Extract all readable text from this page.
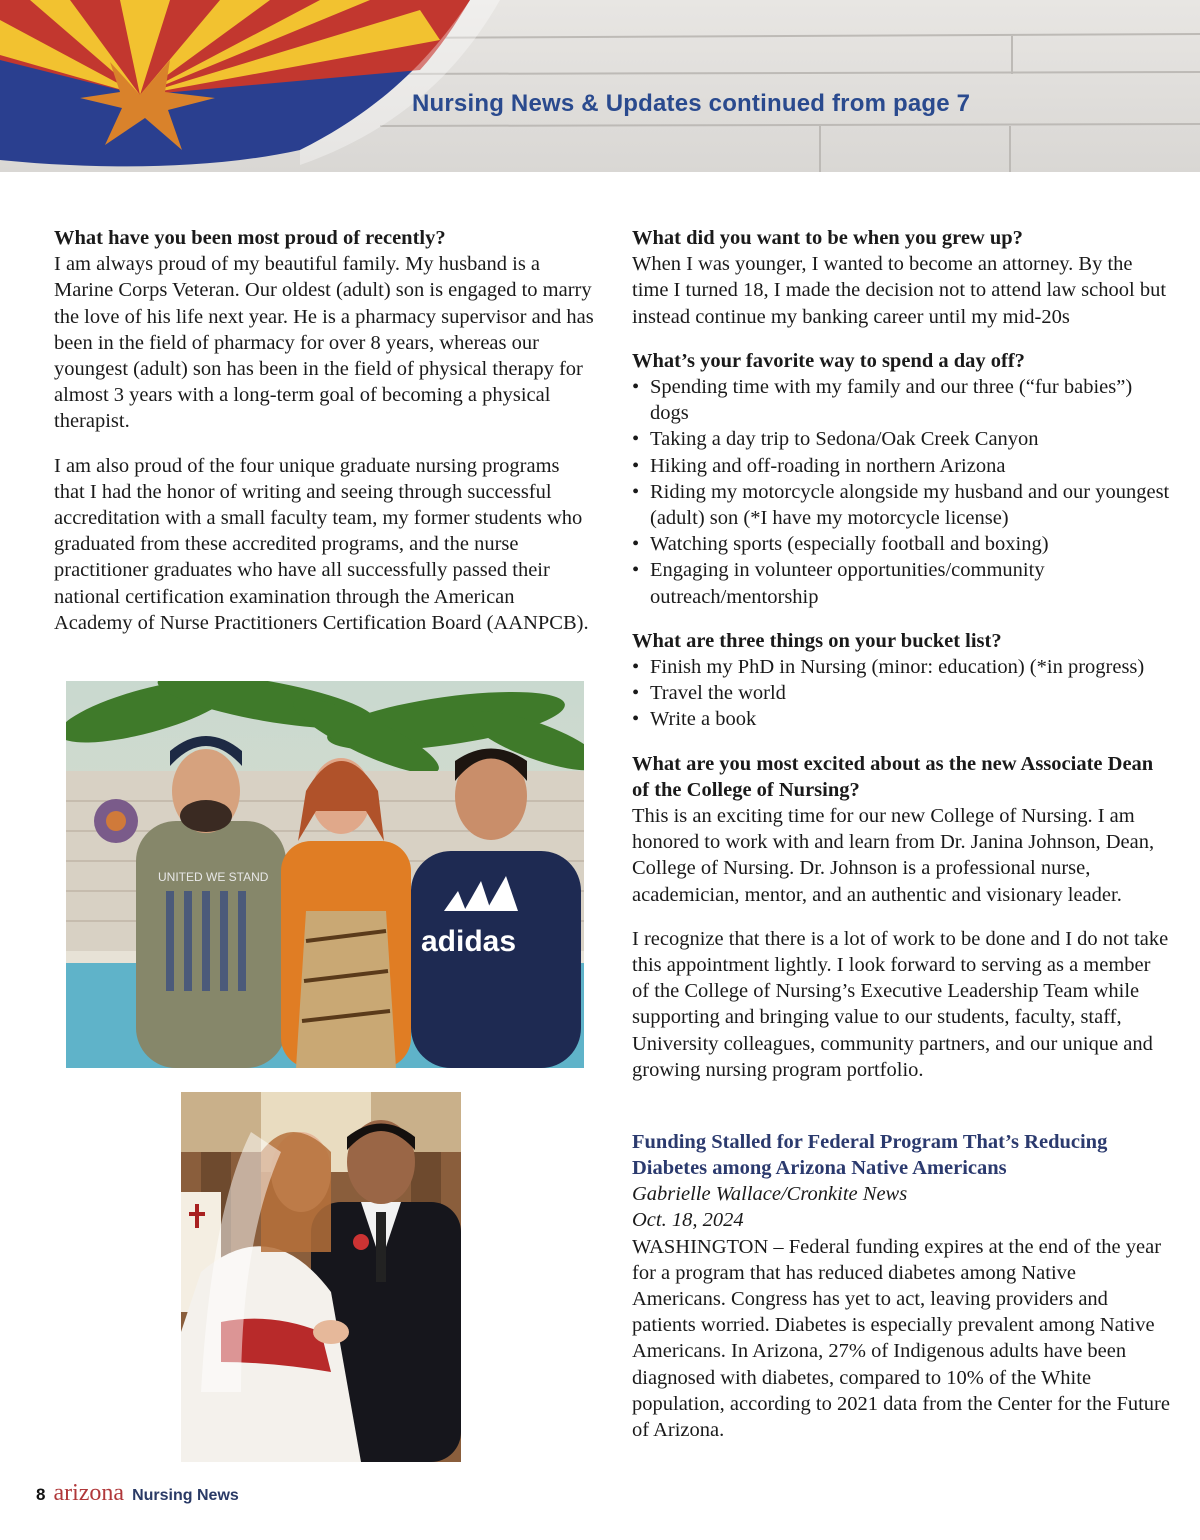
Nursing News & Updates continued from page 7
What have you been most proud of recently?
I am always proud of my beautiful family. My husband is a Marine Corps Veteran. Our oldest (adult) son is engaged to marry the love of his life next year. He is a pharmacy supervisor and has been in the field of pharmacy for over 8 years, whereas our youngest (adult) son has been in the field of physical therapy for almost 3 years with a long-term goal of becoming a physical therapist.
I am also proud of the four unique graduate nursing programs that I had the honor of writing and seeing through successful accreditation with a small faculty team, my former students who graduated from these accredited programs, and the nurse practitioner graduates who have all successfully passed their national certification examination through the American Academy of Nurse Practitioners Certification Board (AANPCB).
UNITED WE STAND
adidas
What did you want to be when you grew up?
When I was younger, I wanted to become an attorney. By the time I turned 18, I made the decision not to attend law school but instead continue my banking career until my mid-20s
What’s your favorite way to spend a day off?
• Spending time with my family and our three (“fur babies”) dogs
• Taking a day trip to Sedona/Oak Creek Canyon
• Hiking and off-roading in northern Arizona
• Riding my motorcycle alongside my husband and our youngest (adult) son (*I have my motorcycle license)
• Watching sports (especially football and boxing)
• Engaging in volunteer opportunities/community outreach/mentorship
What are three things on your bucket list?
• Finish my PhD in Nursing (minor: education) (*in progress)
• Travel the world
• Write a book
What are you most excited about as the new Associate Dean of the College of Nursing?
This is an exciting time for our new College of Nursing. I am honored to work with and learn from Dr. Janina Johnson, Dean, College of Nursing. Dr. Johnson is a professional nurse, academician, mentor, and an authentic and visionary leader.
I recognize that there is a lot of work to be done and I do not take this appointment lightly. I look forward to serving as a member of the College of Nursing’s Executive Leadership Team while supporting and bringing value to our students, faculty, staff, University colleagues, community partners, and our unique and growing nursing program portfolio.
Funding Stalled for Federal Program That’s Reducing Diabetes among Arizona Native Americans
Gabrielle Wallace/Cronkite News
Oct. 18, 2024
WASHINGTON – Federal funding expires at the end of the year for a program that has reduced diabetes among Native Americans. Congress has yet to act, leaving providers and patients worried. Diabetes is especially prevalent among Native Americans. In Arizona, 27% of Indigenous adults have been diagnosed with diabetes, compared to 10% of the White population, according to 2021 data from the Center for the Future of Arizona.
8 arizona Nursing News
